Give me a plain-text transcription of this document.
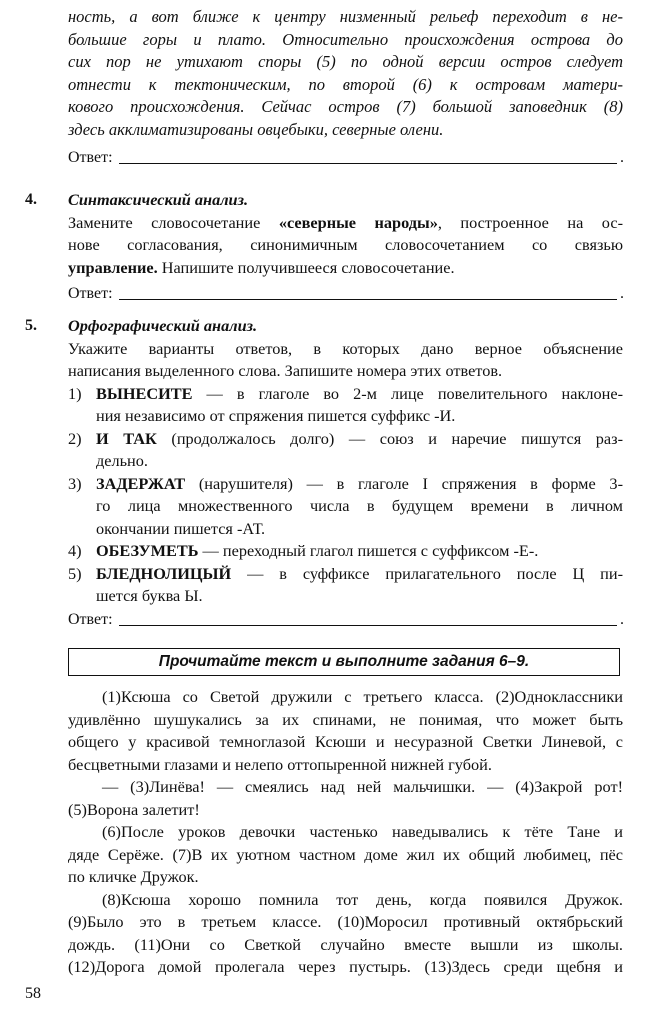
ность, а вот ближе к центру низменный рельеф переходит в не-
большие горы и плато. Относительно происхождения острова до
сих пор не утихают споры (5) по одной версии остров следует
отнести к тектоническим, по второй (6) к островам матери-
кового происхождения. Сейчас остров (7) большой заповедник (8)
здесь акклиматизированы овцебыки, северные олени.
Ответ:	.
4. Синтаксический анализ.
Замените словосочетание «северные народы», построенное на ос-
нове согласования, синонимичным словосочетанием со связью
управление. Напишите получившееся словосочетание.
Ответ:	.
5. Орфографический анализ.
Укажите варианты ответов, в которых дано верное объяснение
написания выделенного слова. Запишите номера этих ответов.
1) ВЫНЕСИТЕ — в глаголе во 2-м лице повелительного наклоне-
ния независимо от спряжения пишется суффикс -И.
2) И ТАК (продолжалось долго) — союз и наречие пишутся раз-
дельно.
3) ЗАДЕРЖАТ (нарушителя) — в глаголе I спряжения в форме 3-
го лица множественного числа в будущем времени в личном
окончании пишется -АТ.
4) ОБЕЗУМЕТЬ — переходный глагол пишется с суффиксом -Е-.
5) БЛЕДНОЛИЦЫЙ — в суффиксе прилагательного после Ц пи-
шется буква Ы.
Ответ:	.
Прочитайте текст и выполните задания 6–9.
(1)Ксюша со Светой дружили с третьего класса. (2)Одноклассники
удивлённо шушукались за их спинами, не понимая, что может быть
общего у красивой темноглазой Ксюши и несуразной Светки Линевой, с
бесцветными глазами и нелепо оттопыренной нижней губой.
— (3)Линёва! — смеялись над ней мальчишки. — (4)Закрой рот!
(5)Ворона залетит!
(6)После уроков девочки частенько наведывались к тёте Тане и
дяде Серёже. (7)В их уютном частном доме жил их общий любимец, пёс
по кличке Дружок.
(8)Ксюша хорошо помнила тот день, когда появился Дружок.
(9)Было это в третьем классе. (10)Моросил противный октябрьский
дождь. (11)Они со Светкой случайно вместе вышли из школы.
(12)Дорога домой пролегала через пустырь. (13)Здесь среди щебня и
58
